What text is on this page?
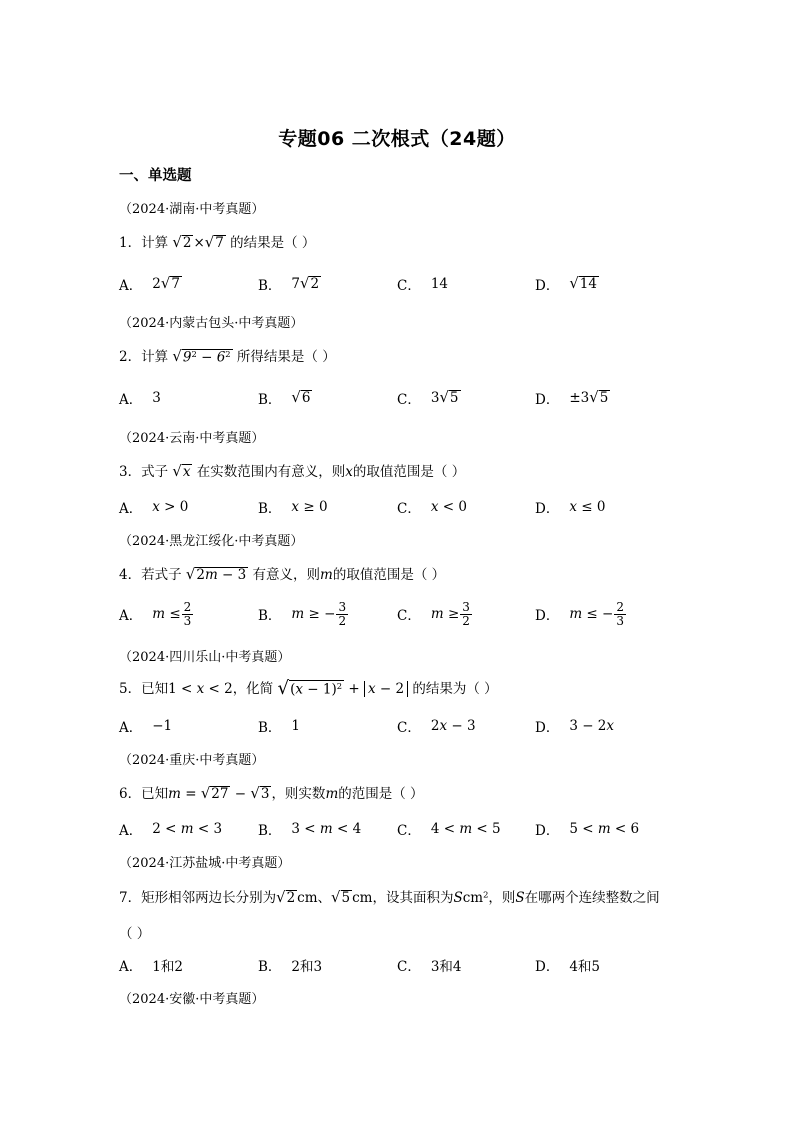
专题06 二次根式（24题）
一、单选题
（2024·湖南·中考真题）
1．计算 √ 2 × √ 7 的结果是（ ）
A． 2 √ 7	B． 7 √ 2	C． 14	D． √ 14
（2024·内蒙古包头·中考真题）
2．计算 √ $9^2 - 6^2$ 所得结果是（ ）
A． 3	B． √ 6	C． 3 √ 5	D． ±3 √ 5
（2024·云南·中考真题）
3．式子 √ x 在实数范围内有意义，则x的取值范围是（ ）
A． x > 0	B． x ≥ 0	C． x < 0	D． x ≤ 0
（2024·黑龙江绥化·中考真题）
4．若式子 √ 2m − 3 有意义，则m的取值范围是（ ）
A． $m \le \frac{2}{3}$	B． m ≥ − $\frac{3}{2}$	C． $m \ge \frac{3}{2}$	D． m ≤ − $\frac{2}{3}$
（2024·四川乐山·中考真题）
5．已知1 < x < 2，化简 √ $(x - 1)^2 + x - 2$ 的结果为（ ）
A． −1	B． 1	C． 2x − 3	D． 3 − 2x
（2024·重庆·中考真题）
6．已知m = √ 27 − √ 3 ，则实数m的范围是（ ）
A． 2 < m < 3	B． 3 < m < 4	C． 4 < m < 5	D． 5 < m < 6
（2024·江苏盐城·中考真题）
7．矩形相邻两边长分别为 √ 2 cm、 √ 5 cm，设其面积为Scm$^2$，则S在哪两个连续整数之间
（ ）
A． 1和2	B． 2和3	C． 3和4	D． 4和5
（2024·安徽·中考真题）
